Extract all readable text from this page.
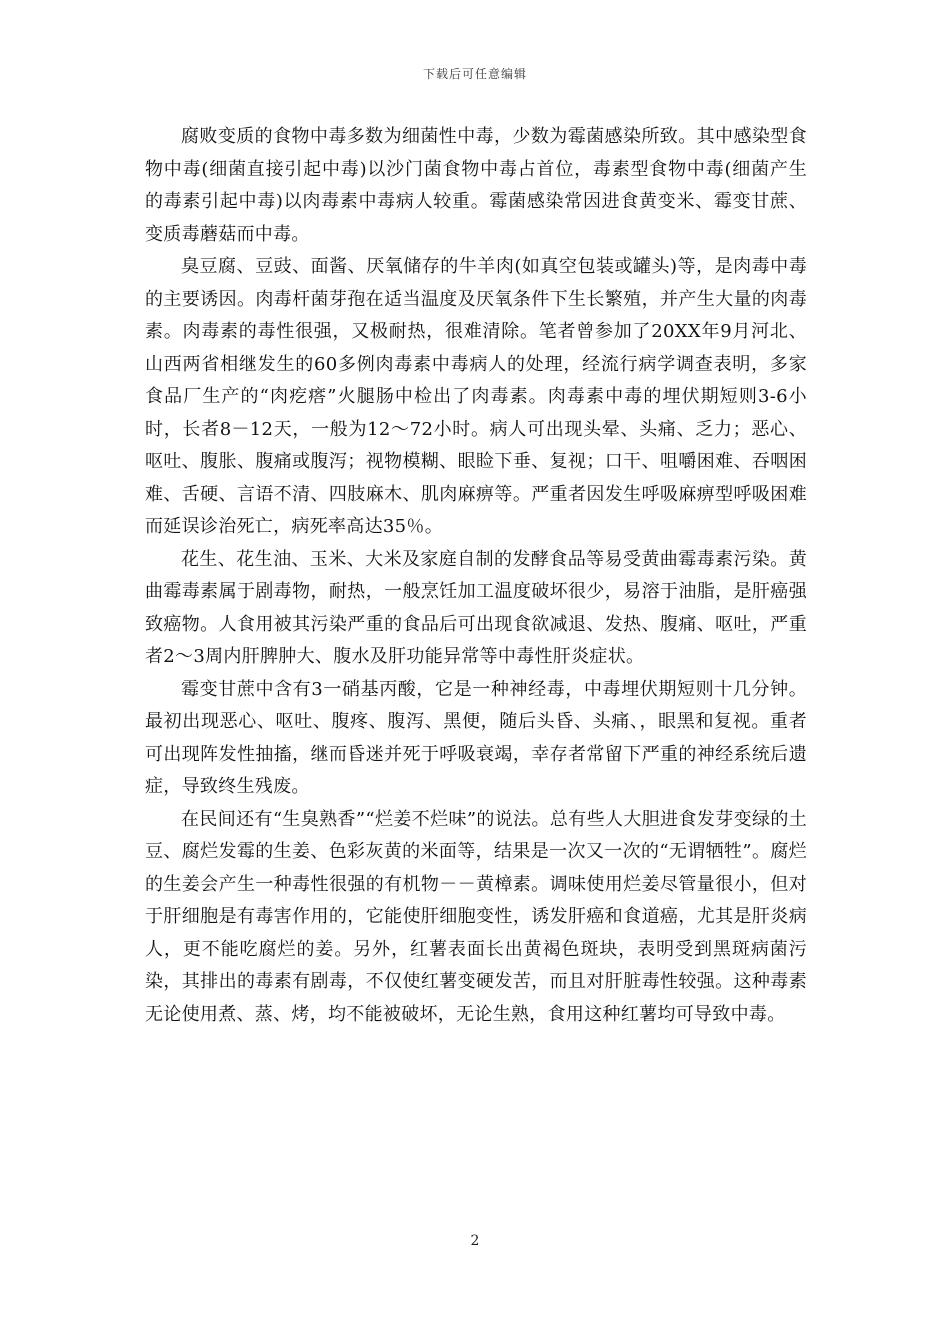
下载后可任意编辑

腐败变质的食物中毒多数为细菌性中毒，少数为霉菌感染所致。其中感染型食物中毒(细菌直接引起中毒)以沙门菌食物中毒占首位，毒素型食物中毒(细菌产生的毒素引起中毒)以肉毒素中毒病人较重。霉菌感染常因进食黄变米、霉变甘蔗、变质毒蘑菇而中毒。

臭豆腐、豆豉、面酱、厌氧储存的牛羊肉(如真空包装或罐头)等，是肉毒中毒的主要诱因。肉毒杆菌芽孢在适当温度及厌氧条件下生长繁殖，并产生大量的肉毒素。肉毒素的毒性很强，又极耐热，很难清除。笔者曾参加了20XX年9月河北、山西两省相继发生的60多例肉毒素中毒病人的处理，经流行病学调查表明，多家食品厂生产的“肉疙瘩”火腿肠中检出了肉毒素。肉毒素中毒的埋伏期短则3-6小时，长者8－12天，一般为12～72小时。病人可出现头晕、头痛、乏力；恶心、呕吐、腹胀、腹痛或腹泻；视物模糊、眼睑下垂、复视；口干、咀嚼困难、吞咽困难、舌硬、言语不清、四肢麻木、肌肉麻痹等。严重者因发生呼吸麻痹型呼吸困难而延误诊治死亡，病死率高达35％。

花生、花生油、玉米、大米及家庭自制的发酵食品等易受黄曲霉毒素污染。黄曲霉毒素属于剧毒物，耐热，一般烹饪加工温度破坏很少，易溶于油脂，是肝癌强致癌物。人食用被其污染严重的食品后可出现食欲减退、发热、腹痛、呕吐，严重者2～3周内肝脾肿大、腹水及肝功能异常等中毒性肝炎症状。

霉变甘蔗中含有3一硝基丙酸，它是一种神经毒，中毒埋伏期短则十几分钟。最初出现恶心、呕吐、腹疼、腹泻、黑便，随后头昏、头痛、，眼黑和复视。重者可出现阵发性抽搐，继而昏迷并死于呼吸衰竭，幸存者常留下严重的神经系统后遗症，导致终生残废。

在民间还有“生臭熟香”“烂姜不烂味”的说法。总有些人大胆进食发芽变绿的土豆、腐烂发霉的生姜、色彩灰黄的米面等，结果是一次又一次的“无谓牺牲”。腐烂的生姜会产生一种毒性很强的有机物－－黄樟素。调味使用烂姜尽管量很小，但对于肝细胞是有毒害作用的，它能使肝细胞变性，诱发肝癌和食道癌，尤其是肝炎病人，更不能吃腐烂的姜。另外，红薯表面长出黄褐色斑块，表明受到黑斑病菌污染，其排出的毒素有剧毒，不仅使红薯变硬发苦，而且对肝脏毒性较强。这种毒素无论使用煮、蒸、烤，均不能被破坏，无论生熟，食用这种红薯均可导致中毒。

2
